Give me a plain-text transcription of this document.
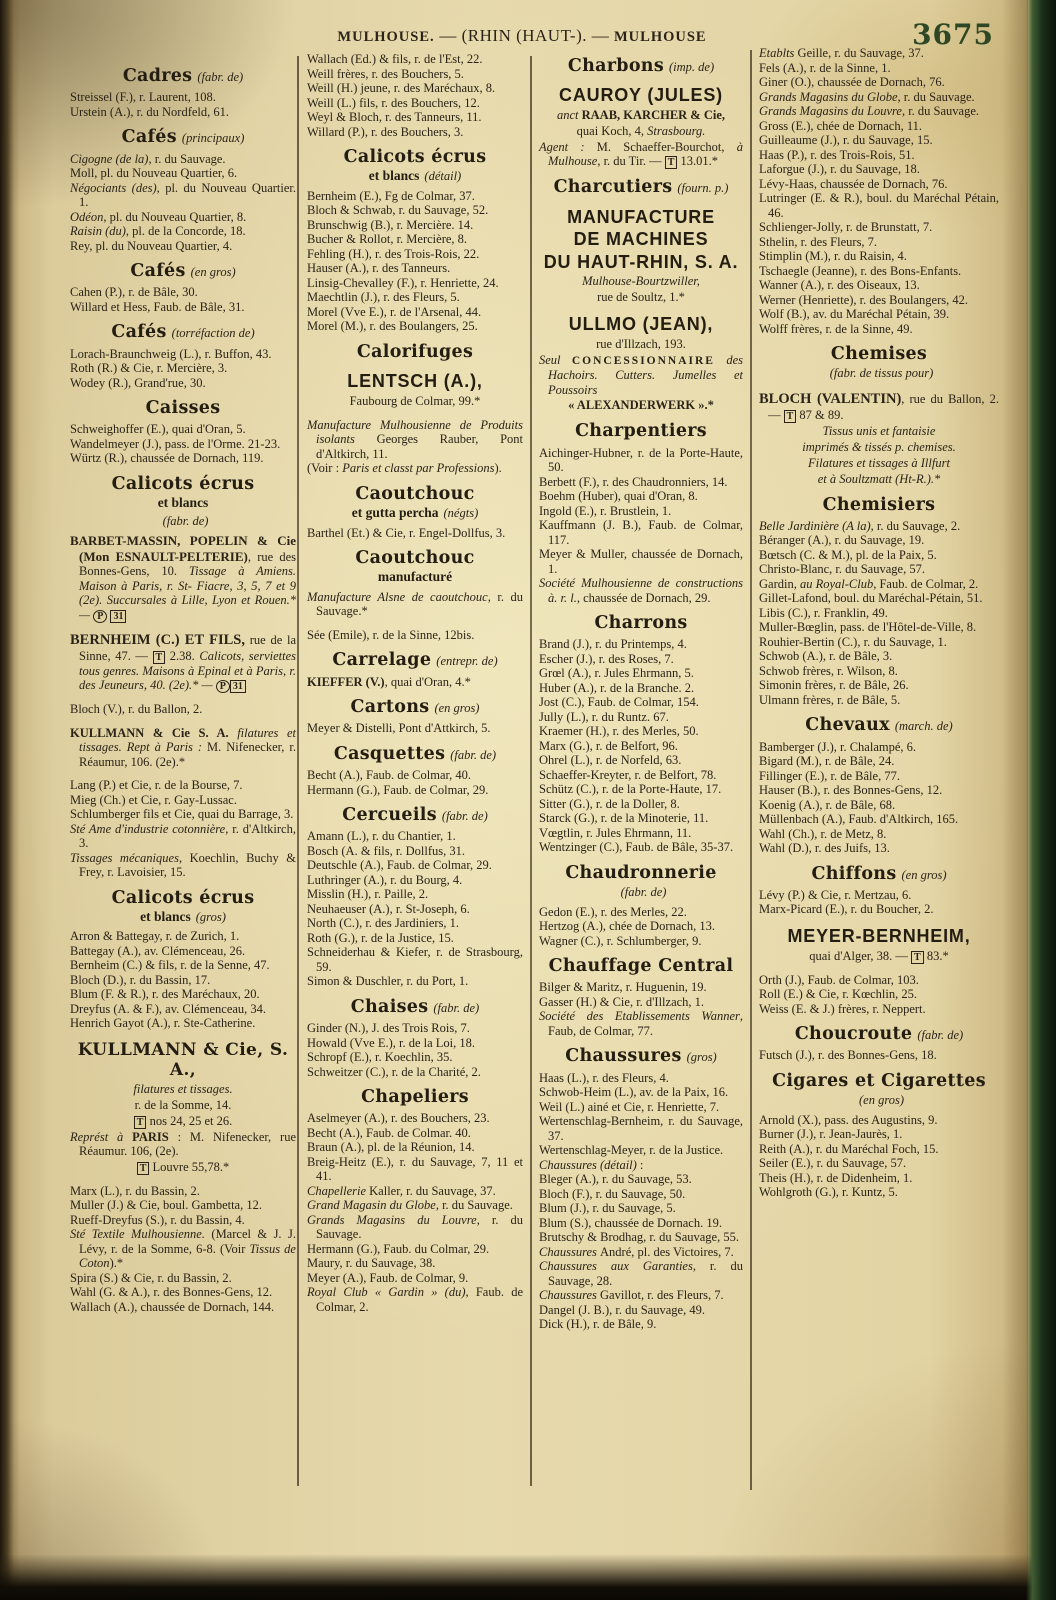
MULHOUSE. — (RHIN (HAUT-). — MULHOUSE	3675
Cadres (fabr. de)

Streissel (F.), r. Laurent, 108.

Urstein (A.), r. du Nordfeld, 61.

Cafés (principaux)

Cigogne (de la), r. du Sauvage.

Moll, pl. du Nouveau Quartier, 6.

Négociants (des), pl. du Nouveau Quartier. 1.

Odéon, pl. du Nouveau Quartier, 8.

Raisin (du), pl. de la Concorde, 18.

Rey, pl. du Nouveau Quartier, 4.

Cafés (en gros)

Cahen (P.), r. de Bâle, 30.

Willard et Hess, Faub. de Bâle, 31.

Cafés (torréfaction de)

Lorach-Braunchweig (L.), r. Buffon, 43.

Roth (R.) & Cie, r. Mercière, 3.

Wodey (R.), Grand'rue, 30.

Caisses

Schweighoffer (E.), quai d'Oran, 5.

Wandelmeyer (J.), pass. de l'Orme. 21-23.

Würtz (R.), chaussée de Dornach, 119.

Calicots écrus
et blancs
(fabr. de)

BARBET-MASSIN, POPELIN & Cie (Mon ESNAULT-PELTERIE), rue des Bonnes-Gens, 10. Tissage à Amiens. Maison à Paris, r. St- Fiacre, 3, 5, 7 et 9 (2e). Succursales à Lille, Lyon et Rouen.* — P 31

BERNHEIM (C.) ET FILS, rue de la Sinne, 47. — T 2.38. Calicots, serviettes tous genres. Maisons à Epinal et à Paris, r. des Jeuneurs, 40. (2e).* — P 31

Bloch (V.), r. du Ballon, 2.

KULLMANN & Cie S. A. filatures et tissages. Rept à Paris : M. Nifenecker, r. Réaumur, 106. (2e).*

Lang (P.) et Cie, r. de la Bourse, 7.

Mieg (Ch.) et Cie, r. Gay-Lussac.

Schlumberger fils et Cie, quai du Barrage, 3.

Sté Ame d'industrie cotonnière, r. d'Altkirch, 3.

Tissages mécaniques, Koechlin, Buchy & Frey, r. Lavoisier, 15.

Calicots écrus
et blancs (gros)

Arron & Battegay, r. de Zurich, 1.

Battegay (A.), av. Clémenceau, 26.

Bernheim (C.) & fils, r. de la Senne, 47.

Bloch (D.), r. du Bassin, 17.

Blum (F. & R.), r. des Maréchaux, 20.

Dreyfus (A. & F.), av. Clémenceau, 34.

Henrich Gayot (A.), r. Ste-Catherine.

KULLMANN & Cie, S. A.,

filatures et tissages.

r. de la Somme, 14.

T nos 24, 25 et 26.

Représt à PARIS : M. Nifenecker, rue Réaumur. 106, (2e).

T Louvre 55,78.*

Marx (L.), r. du Bassin, 2.

Muller (J.) & Cie, boul. Gambetta, 12.

Rueff-Dreyfus (S.), r. du Bassin, 4.

Sté Textile Mulhousienne. (Marcel & J. J. Lévy, r. de la Somme, 6-8. (Voir Tissus de Coton).*

Spira (S.) & Cie, r. du Bassin, 2.

Wahl (G. & A.), r. des Bonnes-Gens, 12.

Wallach (A.), chaussée de Dornach, 144.

Wallach (Ed.) & fils, r. de l'Est, 22.

Weill frères, r. des Bouchers, 5.

Weill (H.) jeune, r. des Maréchaux, 8.

Weill (L.) fils, r. des Bouchers, 12.

Weyl & Bloch, r. des Tanneurs, 11.

Willard (P.), r. des Bouchers, 3.

Calicots écrus
et blancs (détail)

Bernheim (E.), Fg de Colmar, 37.

Bloch & Schwab, r. du Sauvage, 52.

Brunschwig (B.), r. Mercière. 14.

Bucher & Rollot, r. Mercière, 8.

Fehling (H.), r. des Trois-Rois, 22.

Hauser (A.), r. des Tanneurs.

Linsig-Chevalley (F.), r. Henriette, 24.

Maechtlin (J.), r. des Fleurs, 5.

Morel (Vve E.), r. de l'Arsenal, 44.

Morel (M.), r. des Boulangers, 25.

Calorifuges

LENTSCH (A.),

Faubourg de Colmar, 99.*

Manufacture Mulhousienne de Produits isolants Georges Rauber, Pont d'Altkirch, 11.

(Voir : Paris et classt par Professions).

Caoutchouc
et gutta percha (négts)

Barthel (Et.) & Cie, r. Engel-Dollfus, 3.

Caoutchouc
manufacturé

Manufacture Alsne de caoutchouc, r. du Sauvage.*

Sée (Emile), r. de la Sinne, 12bis.

Carrelage (entrepr. de)

KIEFFER (V.), quai d'Oran, 4.*

Cartons (en gros)

Meyer & Distelli, Pont d'Attkirch, 5.

Casquettes (fabr. de)

Becht (A.), Faub. de Colmar, 40.

Hermann (G.), Faub. de Colmar, 29.

Cercueils (fabr. de)

Amann (L.), r. du Chantier, 1.

Bosch (A. & fils, r. Dollfus, 31.

Deutschle (A.), Faub. de Colmar, 29.

Luthringer (A.), r. du Bourg, 4.

Misslin (H.), r. Paille, 2.

Neuhaeuser (A.), r. St-Joseph, 6.

North (C.), r. des Jardiniers, 1.

Roth (G.), r. de la Justice, 15.

Schneiderhau & Kiefer, r. de Strasbourg, 59.

Simon & Duschler, r. du Port, 1.

Chaises (fabr. de)

Ginder (N.), J. des Trois Rois, 7.

Howald (Vve E.), r. de la Loi, 18.

Schropf (E.), r. Koechlin, 35.

Schweitzer (C.), r. de la Charité, 2.

Chapeliers

Aselmeyer (A.), r. des Bouchers, 23.

Becht (A.), Faub. de Colmar. 40.

Braun (A.), pl. de la Réunion, 14.

Breig-Heitz (E.), r. du Sauvage, 7, 11 et 41.

Chapellerie Kaller, r. du Sauvage, 37.

Grand Magasin du Globe, r. du Sauvage.

Grands Magasins du Louvre, r. du Sauvage.

Hermann (G.), Faub. du Colmar, 29.

Maury, r. du Sauvage, 38.

Meyer (A.), Faub. de Colmar, 9.

Royal Club « Gardin » (du), Faub. de Colmar, 2.

Charbons (imp. de)

CAUROY (JULES)

anct RAAB, KARCHER & Cie,

quai Koch, 4, Strasbourg.

Agent : M. Schaeffer-Bourchot, à Mulhouse, r. du Tir. — T 13.01.*

Charcutiers (fourn. p.)

MANUFACTURE

DE MACHINES

DU HAUT-RHIN, S. A.

Mulhouse-Bourtzwiller,

rue de Soultz, 1.*

ULLMO (JEAN),

rue d'Illzach, 193.

Seul CONCESSIONNAIRE des Hachoirs. Cutters. Jumelles et Poussoirs

« ALEXANDERWERK ».*

Charpentiers

Aichinger-Hubner, r. de la Porte-Haute, 50.

Berbett (F.), r. des Chaudronniers, 14.

Boehm (Huber), quai d'Oran, 8.

Ingold (E.), r. Brustlein, 1.

Kauffmann (J. B.), Faub. de Colmar, 117.

Meyer & Muller, chaussée de Dornach, 1.

Société Mulhousienne de constructions à. r. l., chaussée de Dornach, 29.

Charrons

Brand (J.), r. du Printemps, 4.

Escher (J.), r. des Roses, 7.

Grœl (A.), r. Jules Ehrmann, 5.

Huber (A.), r. de la Branche. 2.

Jost (C.), Faub. de Colmar, 154.

Jully (L.), r. du Runtz. 67.

Kraemer (H.), r. des Merles, 50.

Marx (G.), r. de Belfort, 96.

Ohrel (L.), r. de Norfeld, 63.

Schaeffer-Kreyter, r. de Belfort, 78.

Schütz (C.), r. de la Porte-Haute, 17.

Sitter (G.), r. de la Doller, 8.

Starck (G.), r. de la Minoterie, 11.

Vœgtlin, r. Jules Ehrmann, 11.

Wentzinger (C.), Faub. de Bâle, 35-37.

Chaudronnerie
(fabr. de)

Gedon (E.), r. des Merles, 22.

Hertzog (A.), chée de Dornach, 13.

Wagner (C.), r. Schlumberger, 9.

Chauffage Central

Bilger & Maritz, r. Huguenin, 19.

Gasser (H.) & Cie, r. d'Illzach, 1.

Société des Etablissements Wanner, Faub, de Colmar, 77.

Chaussures (gros)

Haas (L.), r. des Fleurs, 4.

Schwob-Heim (L.), av. de la Paix, 16.

Weil (L.) ainé et Cie, r. Henriette, 7.

Wertenschlag-Bernheim, r. du Sauvage, 37.

Wertenschlag-Meyer, r. de la Justice.

Chaussures (détail) :

Bleger (A.), r. du Sauvage, 53.

Bloch (F.), r. du Sauvage, 50.

Blum (J.), r. du Sauvage, 5.

Blum (S.), chaussée de Dornach. 19.

Brutschy & Brodhag, r. du Sauvage, 55.

Chaussures André, pl. des Victoires, 7.

Chaussures aux Garanties, r. du Sauvage, 28.

Chaussures Gavillot, r. des Fleurs, 7.

Dangel (J. B.), r. du Sauvage, 49.

Dick (H.), r. de Bâle, 9.

Etablts Geille, r. du Sauvage, 37.

Fels (A.), r. de la Sinne, 1.

Giner (O.), chaussée de Dornach, 76.

Grands Magasins du Globe, r. du Sauvage.

Grands Magasins du Louvre, r. du Sauvage.

Gross (E.), chée de Dornach, 11.

Guilleaume (J.), r. du Sauvage, 15.

Haas (P.), r. des Trois-Rois, 51.

Laforgue (J.), r. du Sauvage, 18.

Lévy-Haas, chaussée de Dornach, 76.

Lutringer (E. & R.), boul. du Maréchal Pétain, 46.

Schlienger-Jolly, r. de Brunstatt, 7.

Sthelin, r. des Fleurs, 7.

Stimplin (M.), r. du Raisin, 4.

Tschaegle (Jeanne), r. des Bons-Enfants.

Wanner (A.), r. des Oiseaux, 13.

Werner (Henriette), r. des Boulangers, 42.

Wolf (B.), av. du Maréchal Pétain, 39.

Wolff frères, r. de la Sinne, 49.

Chemises
(fabr. de tissus pour)

BLOCH (VALENTIN), rue du Ballon, 2. — T 87 & 89.

Tissus unis et fantaisie

imprimés & tissés p. chemises.

Filatures et tissages à Illfurt

et à Soultzmatt (Ht-R.).*

Chemisiers

Belle Jardinière (A la), r. du Sauvage, 2.

Béranger (A.), r. du Sauvage, 19.

Bœtsch (C. & M.), pl. de la Paix, 5.

Christo-Blanc, r. du Sauvage, 57.

Gardin, au Royal-Club, Faub. de Colmar, 2.

Gillet-Lafond, boul. du Maréchal-Pétain, 51.

Libis (C.), r. Franklin, 49.

Muller-Bœglin, pass. de l'Hôtel-de-Ville, 8.

Rouhier-Bertin (C.), r. du Sauvage, 1.

Schwob (A.), r. de Bâle, 3.

Schwob frères, r. Wilson, 8.

Simonin frères, r. de Bâle, 26.

Ulmann frères, r. de Bâle, 5.

Chevaux (march. de)

Bamberger (J.), r. Chalampé, 6.

Bigard (M.), r. de Bâle, 24.

Fillinger (E.), r. de Bâle, 77.

Hauser (B.), r. des Bonnes-Gens, 12.

Koenig (A.), r. de Bâle, 68.

Müllenbach (A.), Faub. d'Altkirch, 165.

Wahl (Ch.), r. de Metz, 8.

Wahl (D.), r. des Juifs, 13.

Chiffons (en gros)

Lévy (P.) & Cie, r. Mertzau, 6.

Marx-Picard (E.), r. du Boucher, 2.

MEYER-BERNHEIM,

quai d'Alger, 38. — T 83.*

Orth (J.), Faub. de Colmar, 103.

Roll (E.) & Cie, r. Kœchlin, 25.

Weiss (E. & J.) frères, r. Neppert.

Choucroute (fabr. de)

Futsch (J.), r. des Bonnes-Gens, 18.

Cigares et Cigarettes
(en gros)

Arnold (X.), pass. des Augustins, 9.

Burner (J.), r. Jean-Jaurès, 1.

Reith (A.), r. du Maréchal Foch, 15.

Seiler (E.), r. du Sauvage, 57.

Theis (H.), r. de Didenheim, 1.

Wohlgroth (G.), r. Kuntz, 5.
